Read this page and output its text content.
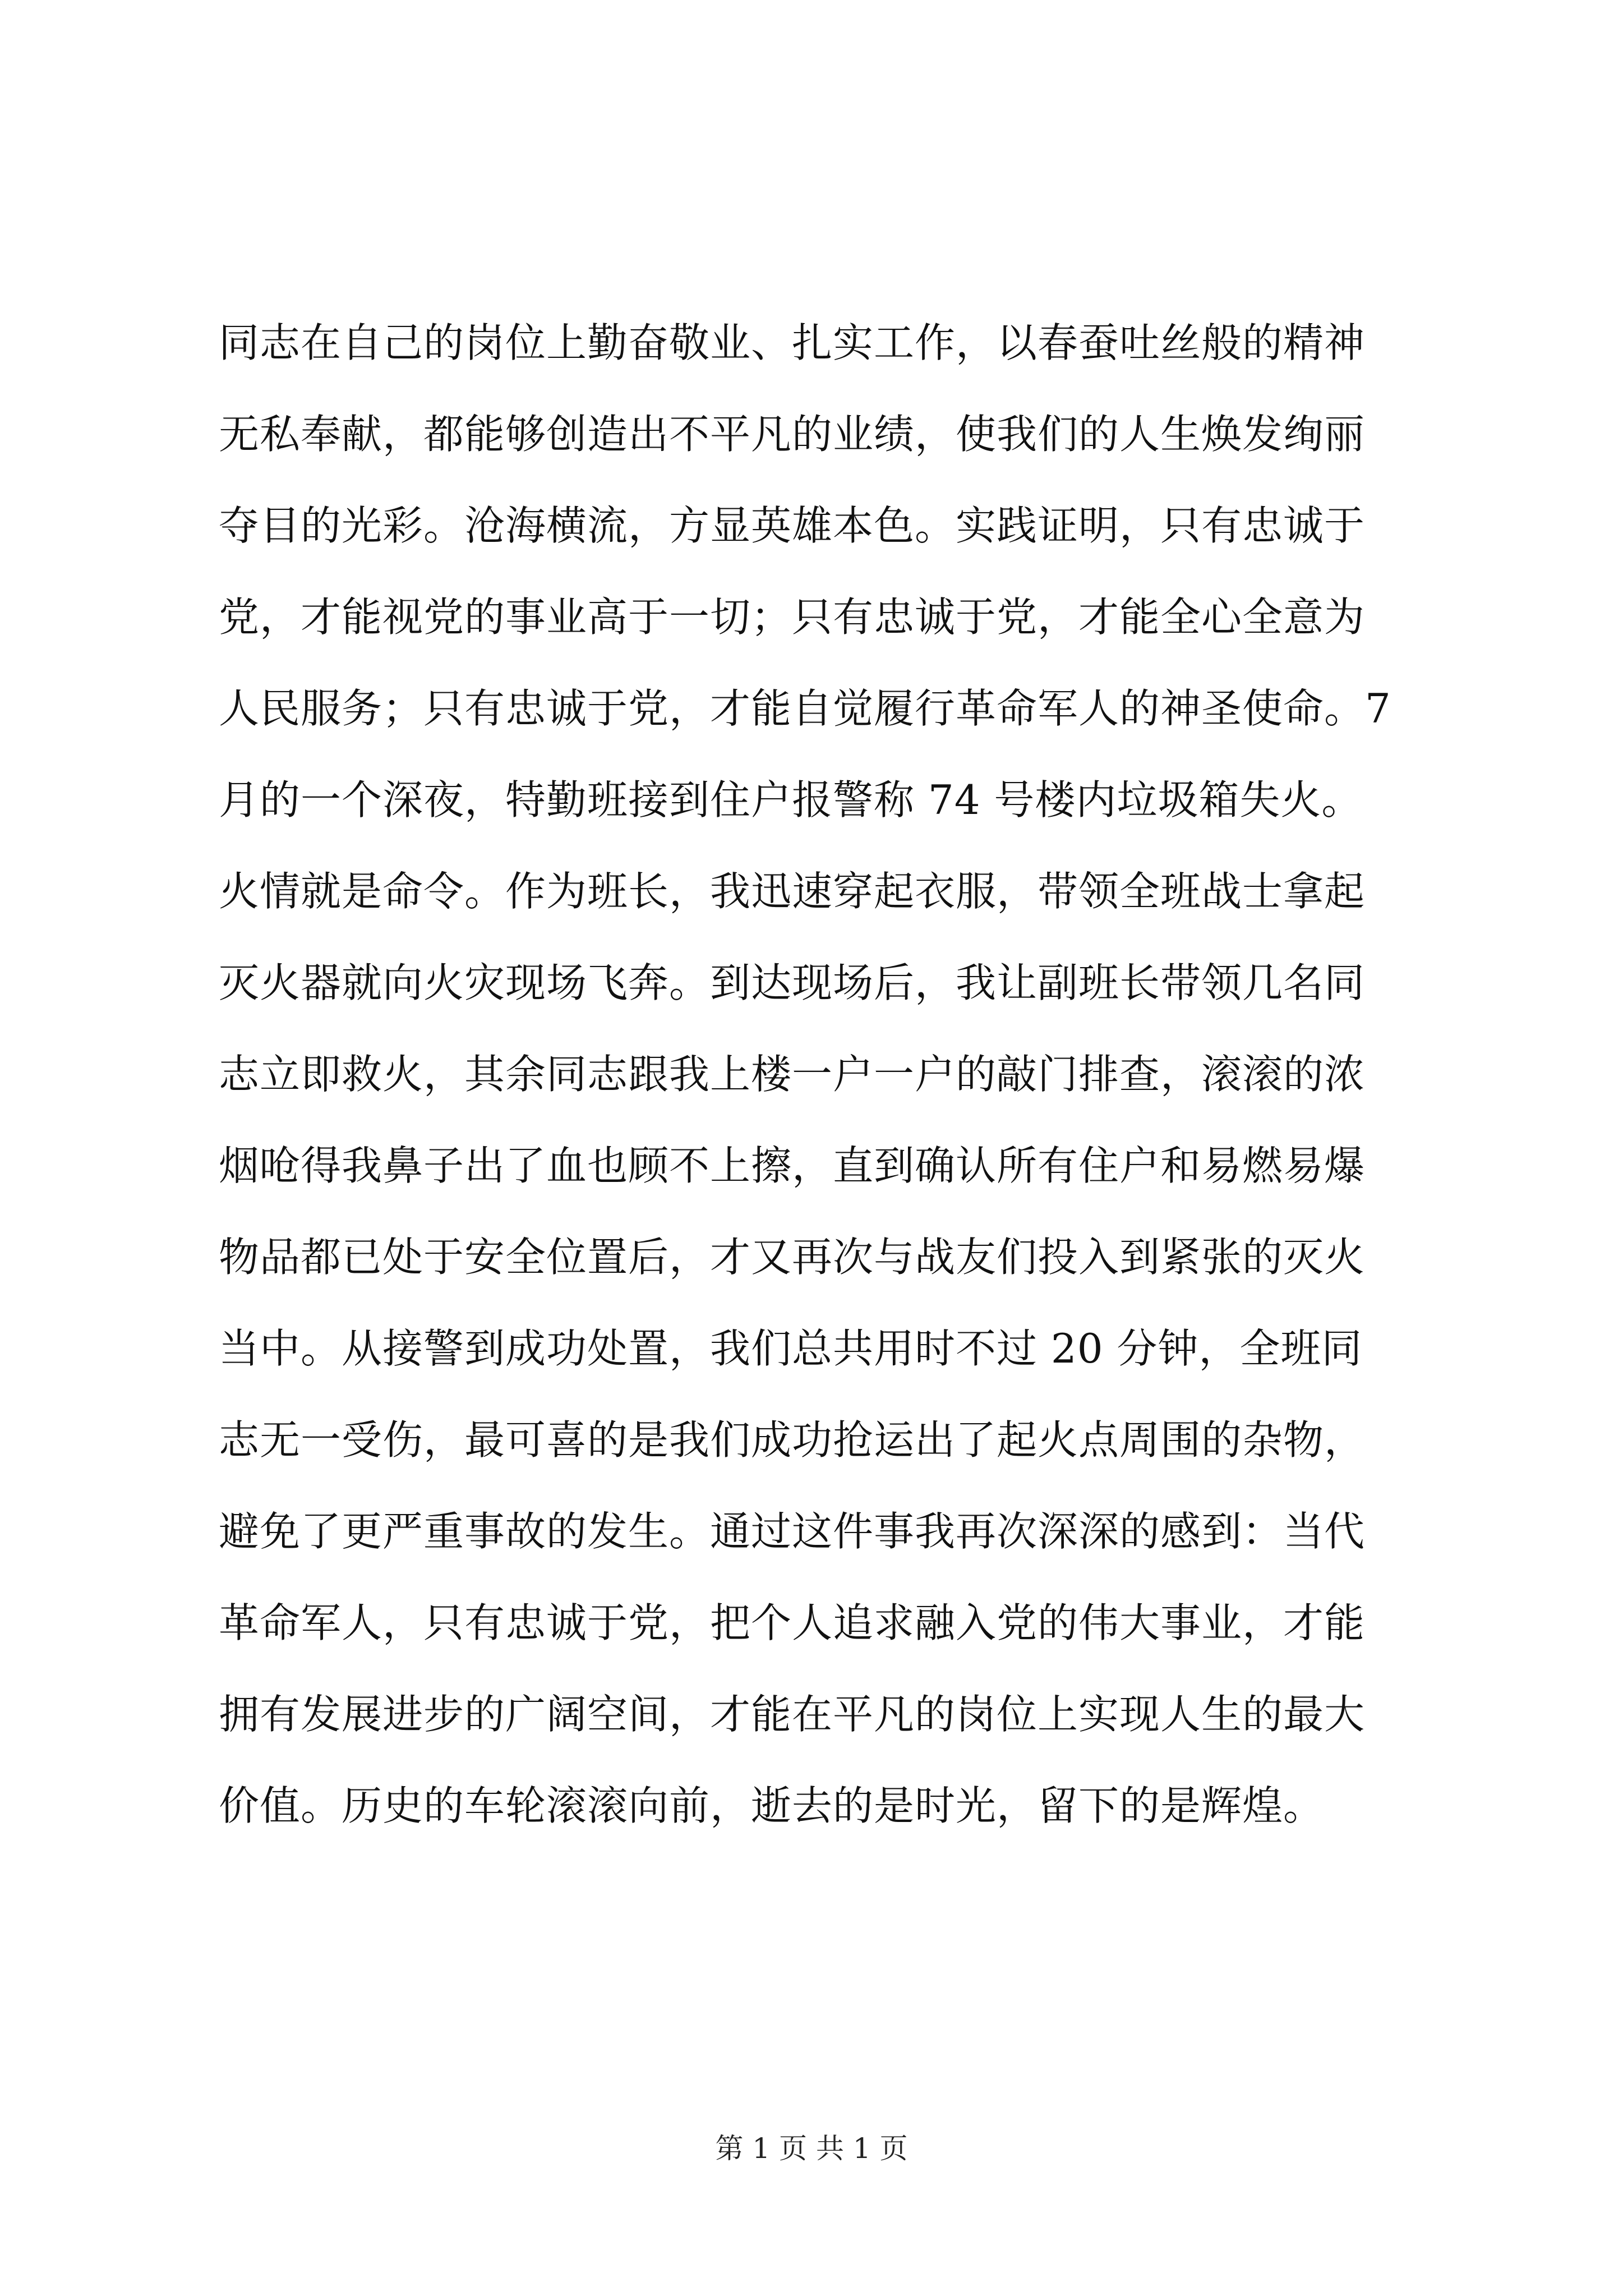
同志在自己的岗位上勤奋敬业、扎实工作，以春蚕吐丝般的精神
无私奉献，都能够创造出不平凡的业绩，使我们的人生焕发绚丽
夺目的光彩。沧海横流，方显英雄本色。实践证明，只有忠诚于
党，才能视党的事业高于一切；只有忠诚于党，才能全心全意为
人民服务；只有忠诚于党，才能自觉履行革命军人的神圣使命。7
月的一个深夜，特勤班接到住户报警称 74 号楼内垃圾箱失火。
火情就是命令。作为班长，我迅速穿起衣服，带领全班战士拿起
灭火器就向火灾现场飞奔。到达现场后，我让副班长带领几名同
志立即救火，其余同志跟我上楼一户一户的敲门排查，滚滚的浓
烟呛得我鼻子出了血也顾不上擦，直到确认所有住户和易燃易爆
物品都已处于安全位置后，才又再次与战友们投入到紧张的灭火
当中。从接警到成功处置，我们总共用时不过 20 分钟，全班同
志无一受伤，最可喜的是我们成功抢运出了起火点周围的杂物，
避免了更严重事故的发生。通过这件事我再次深深的感到：当代
革命军人，只有忠诚于党，把个人追求融入党的伟大事业，才能
拥有发展进步的广阔空间，才能在平凡的岗位上实现人生的最大
价值。历史的车轮滚滚向前，逝去的是时光，留下的是辉煌。
第 1 页 共 1 页
